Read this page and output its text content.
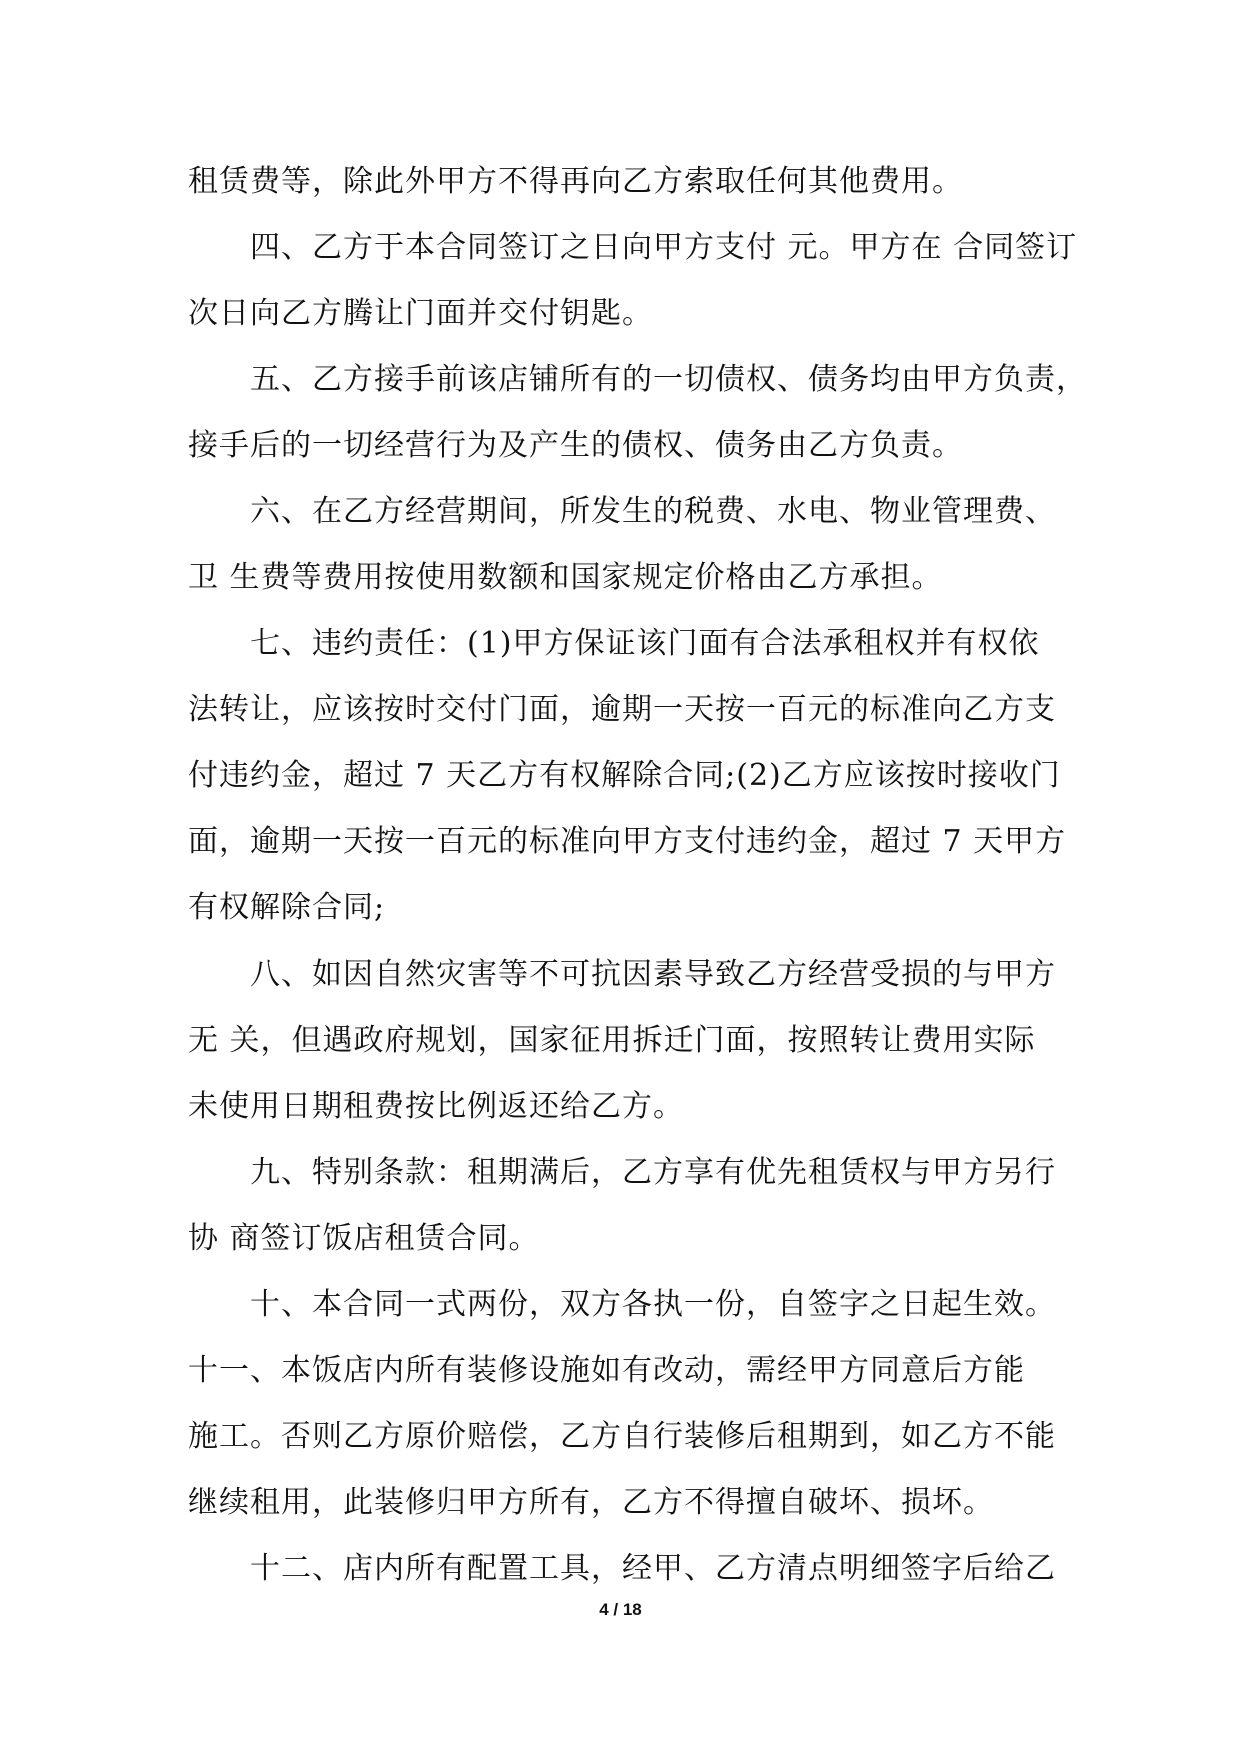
租赁费等，除此外甲方不得再向乙方索取任何其他费用。
四、乙方于本合同签订之日向甲方支付 元。甲方在 合同签订
次日向乙方腾让门面并交付钥匙。
五、乙方接手前该店铺所有的一切债权、债务均由甲方负责，
接手后的一切经营行为及产生的债权、债务由乙方负责。
六、在乙方经营期间，所发生的税费、水电、物业管理费、
卫 生费等费用按使用数额和国家规定价格由乙方承担。
七、违约责任：(1)甲方保证该门面有合法承租权并有权依
法转让，应该按时交付门面，逾期一天按一百元的标准向乙方支
付违约金，超过 7 天乙方有权解除合同;(2)乙方应该按时接收门
面，逾期一天按一百元的标准向甲方支付违约金，超过 7 天甲方
有权解除合同;
八、如因自然灾害等不可抗因素导致乙方经营受损的与甲方
无 关，但遇政府规划，国家征用拆迁门面，按照转让费用实际
未使用日期租费按比例返还给乙方。
九、特别条款：租期满后，乙方享有优先租赁权与甲方另行
协 商签订饭店租赁合同。
十、本合同一式两份，双方各执一份，自签字之日起生效。
十一、本饭店内所有装修设施如有改动，需经甲方同意后方能
施工。否则乙方原价赔偿，乙方自行装修后租期到，如乙方不能
继续租用，此装修归甲方所有，乙方不得擅自破坏、损坏。
十二、店内所有配置工具，经甲、乙方清点明细签字后给乙
4 / 18
